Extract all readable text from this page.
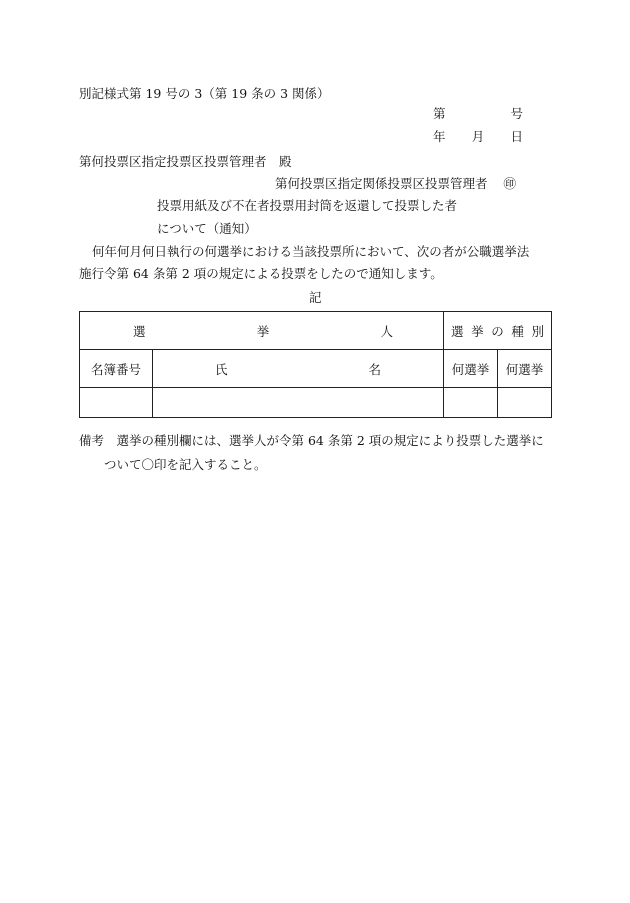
別記様式第 19 号の 3（第 19 条の 3 関係）
第	号
年 月 日
第何投票区指定投票区投票管理者　殿
第何投票区指定関係投票区投票管理者 ㊞
投票用紙及び不在者投票用封筒を返還して投票した者
について（通知）
何年何月何日執行の何選挙における当該投票所において、次の者が公職選挙法
施行令第 64 条第 2 項の規定による投票をしたので通知します。
記
選 挙 人		選 挙 の 種 別	

名簿番号	氏 名	何選挙	何選挙

備考　選挙の種別欄には、選挙人が令第 64 条第 2 項の規定により投票した選挙に
ついて〇印を記入すること。
